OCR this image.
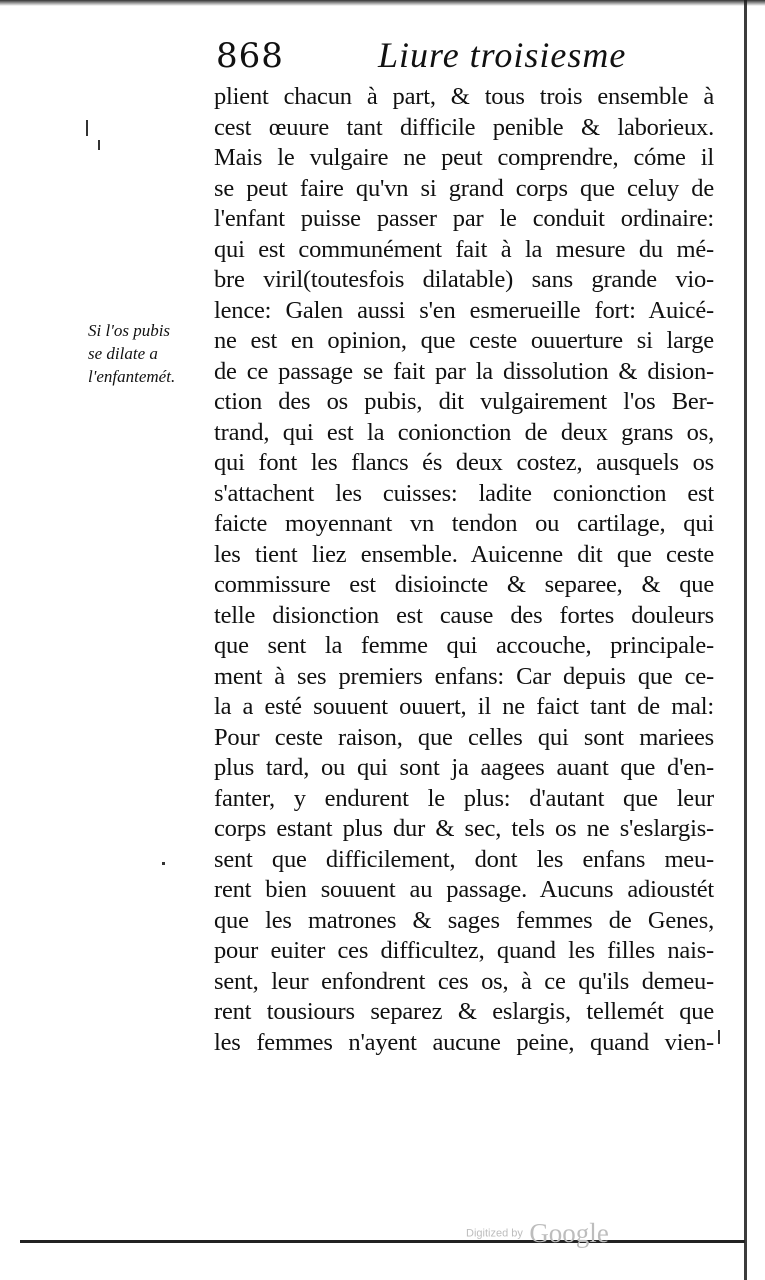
868	Liure troisiesme
Si l'os pubis
se dilate a
l'enfantemét.
plient chacun à part, & tous trois ensemble à
cest œuure tant difficile penible & laborieux.
Mais le vulgaire ne peut comprendre, cóme il
se peut faire qu'vn si grand corps que celuy de
l'enfant puisse passer par le conduit ordinaire:
qui est communément fait à la mesure du mé-
bre viril(toutesfois dilatable) sans grande vio-
lence: Galen aussi s'en esmerueille fort: Auicé-
ne est en opinion, que ceste ouuerture si large
de ce passage se fait par la dissolution & dision-
ction des os pubis, dit vulgairement l'os Ber-
trand, qui est la conionction de deux grans os,
qui font les flancs és deux costez, ausquels os
s'attachent les cuisses: ladite conionction est
faicte moyennant vn tendon ou cartilage, qui
les tient liez ensemble. Auicenne dit que ceste
commissure est disioincte & separee, & que
telle disionction est cause des fortes douleurs
que sent la femme qui accouche, principale-
ment à ses premiers enfans: Car depuis que ce-
la a esté souuent ouuert, il ne faict tant de mal:
Pour ceste raison, que celles qui sont mariees
plus tard, ou qui sont ja aagees auant que d'en-
fanter, y endurent le plus: d'autant que leur
corps estant plus dur & sec, tels os ne s'eslargis-
sent que difficilement, dont les enfans meu-
rent bien souuent au passage. Aucuns adioustét
que les matrones & sages femmes de Genes,
pour euiter ces difficultez, quand les filles nais-
sent, leur enfondrent ces os, à ce qu'ils demeu-
rent tousiours separez & eslargis, tellemét que
les femmes n'ayent aucune peine, quand vien-
Digitized by Google
